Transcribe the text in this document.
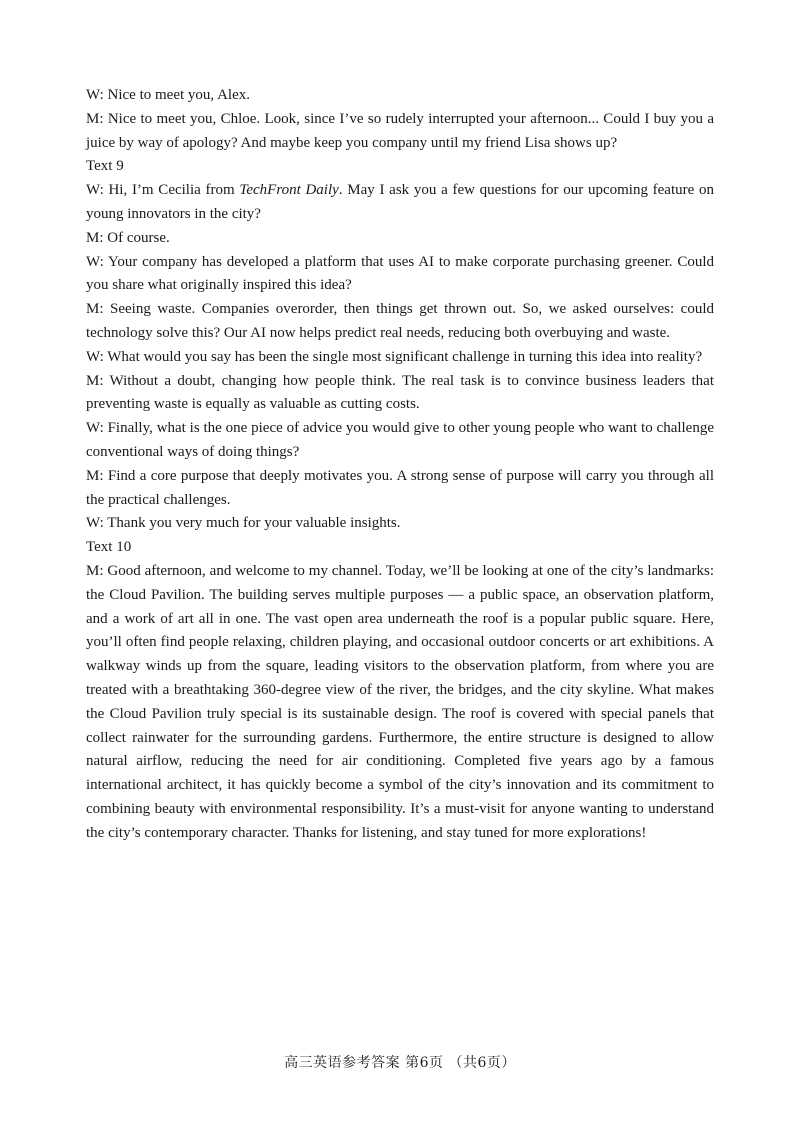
W: Nice to meet you, Alex.

M: Nice to meet you, Chloe. Look, since I’ve so rudely interrupted your afternoon... Could I buy you a juice by way of apology? And maybe keep you company until my friend Lisa shows up?

Text 9

W: Hi, I’m Cecilia from TechFront Daily. May I ask you a few questions for our upcoming feature on young innovators in the city?

M: Of course.

W: Your company has developed a platform that uses AI to make corporate purchasing greener. Could you share what originally inspired this idea?

M: Seeing waste. Companies overorder, then things get thrown out. So, we asked ourselves: could technology solve this? Our AI now helps predict real needs, reducing both overbuying and waste.

W: What would you say has been the single most significant challenge in turning this idea into reality?

M: Without a doubt, changing how people think. The real task is to convince business leaders that preventing waste is equally as valuable as cutting costs.

W: Finally, what is the one piece of advice you would give to other young people who want to challenge conventional ways of doing things?

M: Find a core purpose that deeply motivates you. A strong sense of purpose will carry you through all the practical challenges.

W: Thank you very much for your valuable insights.

Text 10

M: Good afternoon, and welcome to my channel. Today, we’ll be looking at one of the city’s landmarks: the Cloud Pavilion. The building serves multiple purposes — a public space, an observation platform, and a work of art all in one. The vast open area underneath the roof is a popular public square. Here, you’ll often find people relaxing, children playing, and occasional outdoor concerts or art exhibitions. A walkway winds up from the square, leading visitors to the observation platform, from where you are treated with a breathtaking 360-degree view of the river, the bridges, and the city skyline. What makes the Cloud Pavilion truly special is its sustainable design. The roof is covered with special panels that collect rainwater for the surrounding gardens. Furthermore, the entire structure is designed to allow natural airflow, reducing the need for air conditioning. Completed five years ago by a famous international architect, it has quickly become a symbol of the city’s innovation and its commitment to combining beauty with environmental responsibility. It’s a must-visit for anyone wanting to understand the city’s contemporary character. Thanks for listening, and stay tuned for more explorations!

高三英语参考答案 第6页 （共6页）
